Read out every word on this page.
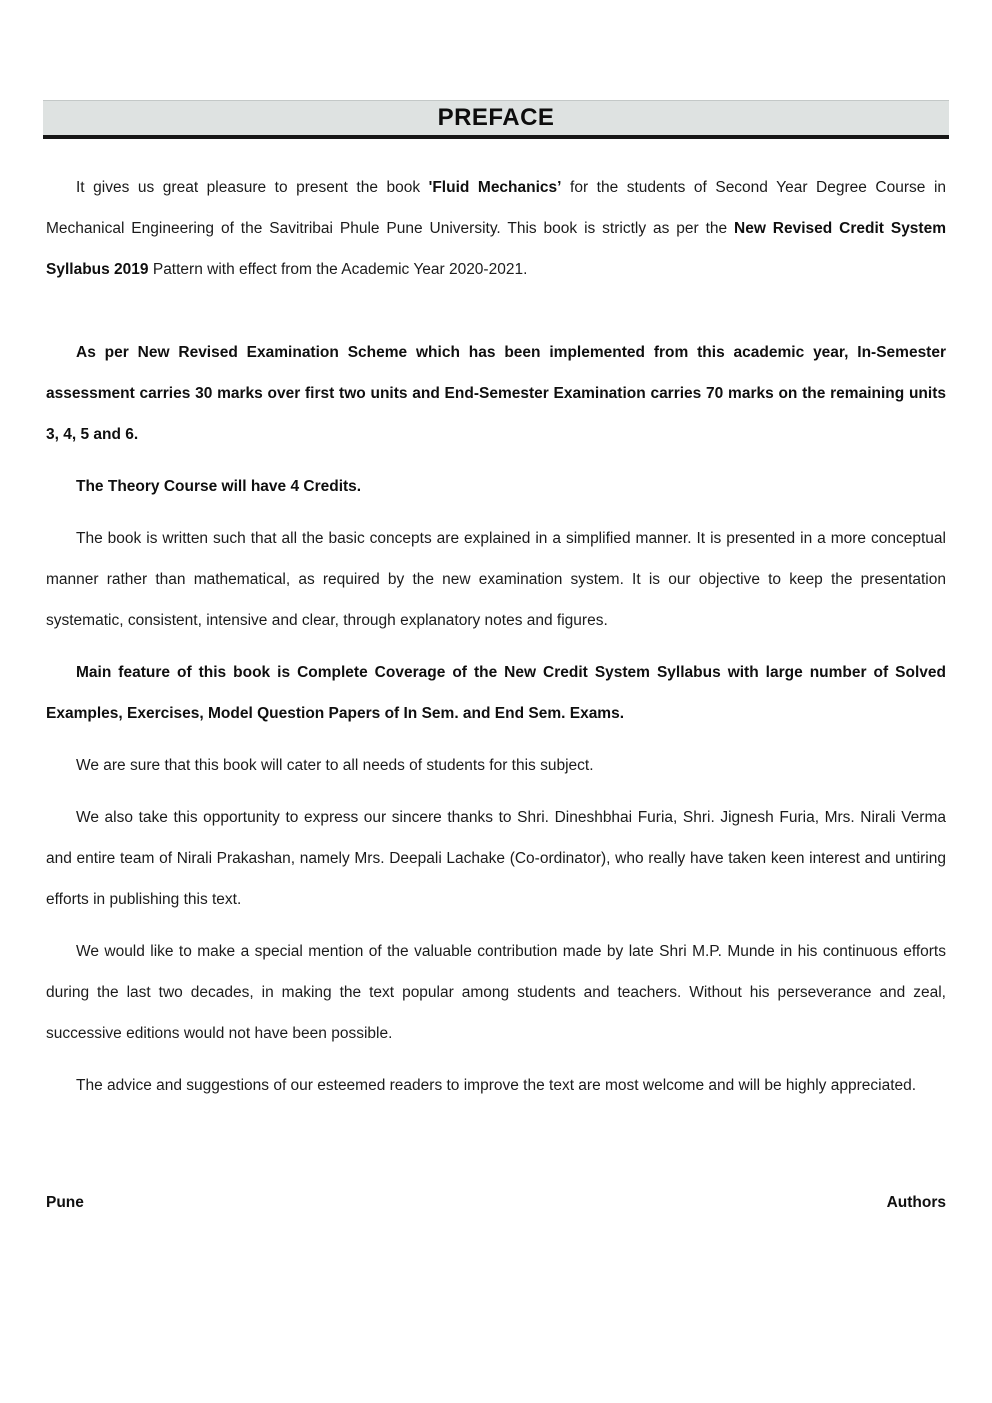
PREFACE

It gives us great pleasure to present the book 'Fluid Mechanics’ for the students of Second Year Degree Course in Mechanical Engineering of the Savitribai Phule Pune University. This book is strictly as per the New Revised Credit System Syllabus 2019 Pattern with effect from the Academic Year 2020-2021.

As per New Revised Examination Scheme which has been implemented from this academic year, In-Semester assessment carries 30 marks over first two units and End-Semester Examination carries 70 marks on the remaining units 3, 4, 5 and 6.

The Theory Course will have 4 Credits.

The book is written such that all the basic concepts are explained in a simplified manner. It is presented in a more conceptual manner rather than mathematical, as required by the new examination system. It is our objective to keep the presentation systematic, consistent, intensive and clear, through explanatory notes and figures.

Main feature of this book is Complete Coverage of the New Credit System Syllabus with large number of Solved Examples, Exercises, Model Question Papers of In Sem. and End Sem. Exams.

We are sure that this book will cater to all needs of students for this subject.

We also take this opportunity to express our sincere thanks to Shri. Dineshbhai Furia, Shri. Jignesh Furia, Mrs. Nirali Verma and entire team of Nirali Prakashan, namely Mrs. Deepali Lachake (Co-ordinator), who really have taken keen interest and untiring efforts in publishing this text.

We would like to make a special mention of the valuable contribution made by late Shri M.P. Munde in his continuous efforts during the last two decades, in making the text popular among students and teachers. Without his perseverance and zeal, successive editions would not have been possible.

The advice and suggestions of our esteemed readers to improve the text are most welcome and will be highly appreciated.

Pune	Authors
